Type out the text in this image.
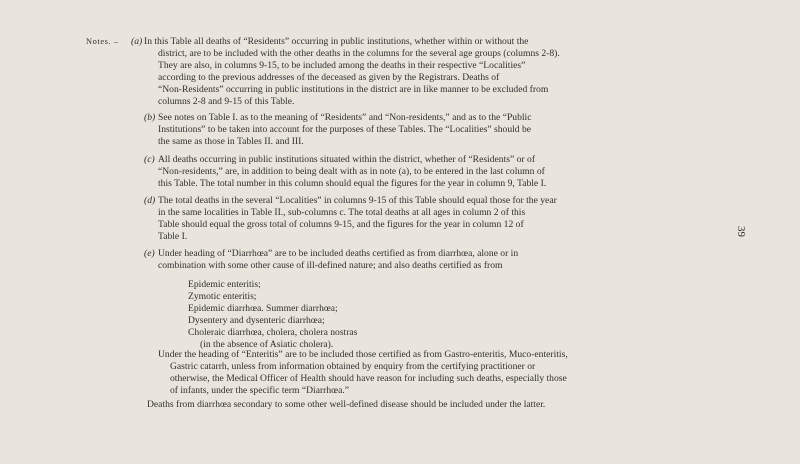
Notes. – (a) In this Table all deaths of “Residents” occurring in public institutions, whether within or without the
district, are to be included with the other deaths in the columns for the several age groups (columns 2-8).
They are also, in columns 9-15, to be included among the deaths in their respective “Localities”
according to the previous addresses of the deceased as given by the Registrars. Deaths of
“Non-Residents” occurring in public institutions in the district are in like manner to be excluded from
columns 2-8 and 9-15 of this Table.

(b) See notes on Table I. as to the meaning of “Residents” and “Non-residents,” and as to the “Public
Institutions” to be taken into account for the purposes of these Tables. The “Localities” should be
the same as those in Tables II. and III.

(c) All deaths occurring in public institutions situated within the district, whether of “Residents” or of
“Non-residents,” are, in addition to being dealt with as in note (a), to be entered in the last column of
this Table. The total number in this column should equal the figures for the year in column 9, Table I.

(d) The total deaths in the several “Localities” in columns 9-15 of this Table should equal those for the year
in the same localities in Table II., sub-columns c. The total deaths at all ages in column 2 of this
Table should equal the gross total of columns 9-15, and the figures for the year in column 12 of
Table I.

(e) Under heading of “Diarrhœa” are to be included deaths certified as from diarrhœa, alone or in
combination with some other cause of ill-defined nature; and also deaths certified as from

Epidemic enteritis;
Zymotic enteritis;
Epidemic diarrhœa. Summer diarrhœa;
Dysentery and dysenteric diarrhœa;
Choleraic diarrhœa, cholera, cholera nostras
(in the absence of Asiatic cholera).

Under the heading of “Enteritis” are to be included those certified as from Gastro-enteritis, Muco-enteritis,
Gastric catarrh, unless from information obtained by enquiry from the certifying practitioner or
otherwise, the Medical Officer of Health should have reason for including such deaths, especially those
of infants, under the specific term “Diarrhœa.”

Deaths from diarrhœa secondary to some other well-defined disease should be included under the latter.

39
